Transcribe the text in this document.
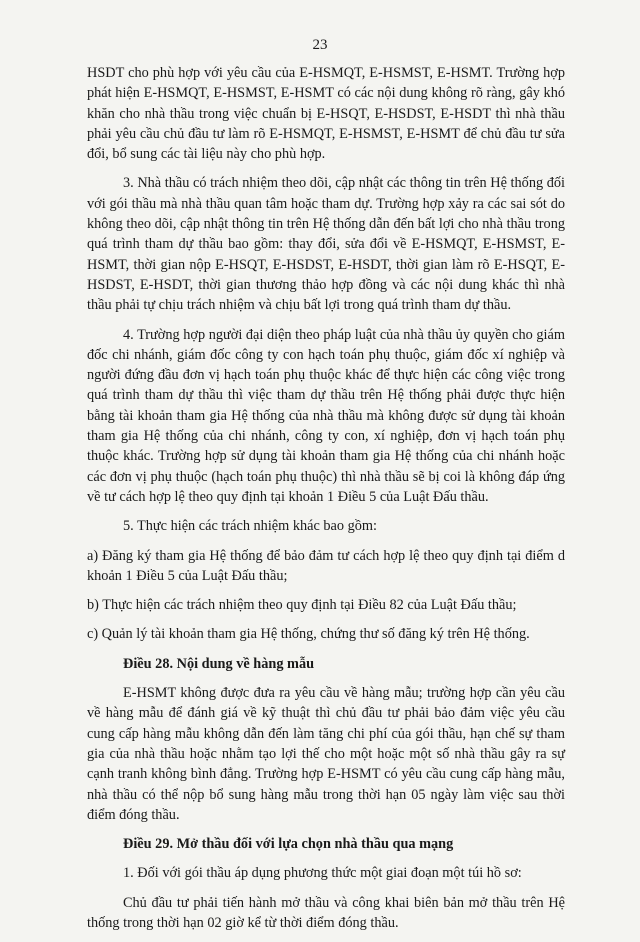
23

HSDT cho phù hợp với yêu cầu của E-HSMQT, E-HSMST, E-HSMT. Trường hợp phát hiện E-HSMQT, E-HSMST, E-HSMT có các nội dung không rõ ràng, gây khó khăn cho nhà thầu trong việc chuẩn bị E-HSQT, E-HSDST, E-HSDT thì nhà thầu phải yêu cầu chủ đầu tư làm rõ E-HSMQT, E-HSMST, E-HSMT để chủ đầu tư sửa đổi, bổ sung các tài liệu này cho phù hợp.

3. Nhà thầu có trách nhiệm theo dõi, cập nhật các thông tin trên Hệ thống đối với gói thầu mà nhà thầu quan tâm hoặc tham dự. Trường hợp xảy ra các sai sót do không theo dõi, cập nhật thông tin trên Hệ thống dẫn đến bất lợi cho nhà thầu trong quá trình tham dự thầu bao gồm: thay đổi, sửa đổi về E-HSMQT, E-HSMST, E-HSMT, thời gian nộp E-HSQT, E-HSDST, E-HSDT, thời gian làm rõ E-HSQT, E-HSDST, E-HSDT, thời gian thương thảo hợp đồng và các nội dung khác thì nhà thầu phải tự chịu trách nhiệm và chịu bất lợi trong quá trình tham dự thầu.

4. Trường hợp người đại diện theo pháp luật của nhà thầu ủy quyền cho giám đốc chi nhánh, giám đốc công ty con hạch toán phụ thuộc, giám đốc xí nghiệp và người đứng đầu đơn vị hạch toán phụ thuộc khác để thực hiện các công việc trong quá trình tham dự thầu thì việc tham dự thầu trên Hệ thống phải được thực hiện bằng tài khoản tham gia Hệ thống của nhà thầu mà không được sử dụng tài khoản tham gia Hệ thống của chi nhánh, công ty con, xí nghiệp, đơn vị hạch toán phụ thuộc khác. Trường hợp sử dụng tài khoản tham gia Hệ thống của chi nhánh hoặc các đơn vị phụ thuộc (hạch toán phụ thuộc) thì nhà thầu sẽ bị coi là không đáp ứng về tư cách hợp lệ theo quy định tại khoản 1 Điều 5 của Luật Đấu thầu.

5. Thực hiện các trách nhiệm khác bao gồm:

a) Đăng ký tham gia Hệ thống để bảo đảm tư cách hợp lệ theo quy định tại điểm d khoản 1 Điều 5 của Luật Đấu thầu;

b) Thực hiện các trách nhiệm theo quy định tại Điều 82 của Luật Đấu thầu;

c) Quản lý tài khoản tham gia Hệ thống, chứng thư số đăng ký trên Hệ thống.

Điều 28. Nội dung về hàng mẫu

E-HSMT không được đưa ra yêu cầu về hàng mẫu; trường hợp cần yêu cầu về hàng mẫu để đánh giá về kỹ thuật thì chủ đầu tư phải bảo đảm việc yêu cầu cung cấp hàng mẫu không dẫn đến làm tăng chi phí của gói thầu, hạn chế sự tham gia của nhà thầu hoặc nhằm tạo lợi thế cho một hoặc một số nhà thầu gây ra sự cạnh tranh không bình đẳng. Trường hợp E-HSMT có yêu cầu cung cấp hàng mẫu, nhà thầu có thể nộp bổ sung hàng mẫu trong thời hạn 05 ngày làm việc sau thời điểm đóng thầu.

Điều 29. Mở thầu đối với lựa chọn nhà thầu qua mạng

1. Đối với gói thầu áp dụng phương thức một giai đoạn một túi hồ sơ:

Chủ đầu tư phải tiến hành mở thầu và công khai biên bản mở thầu trên Hệ thống trong thời hạn 02 giờ kể từ thời điểm đóng thầu.
